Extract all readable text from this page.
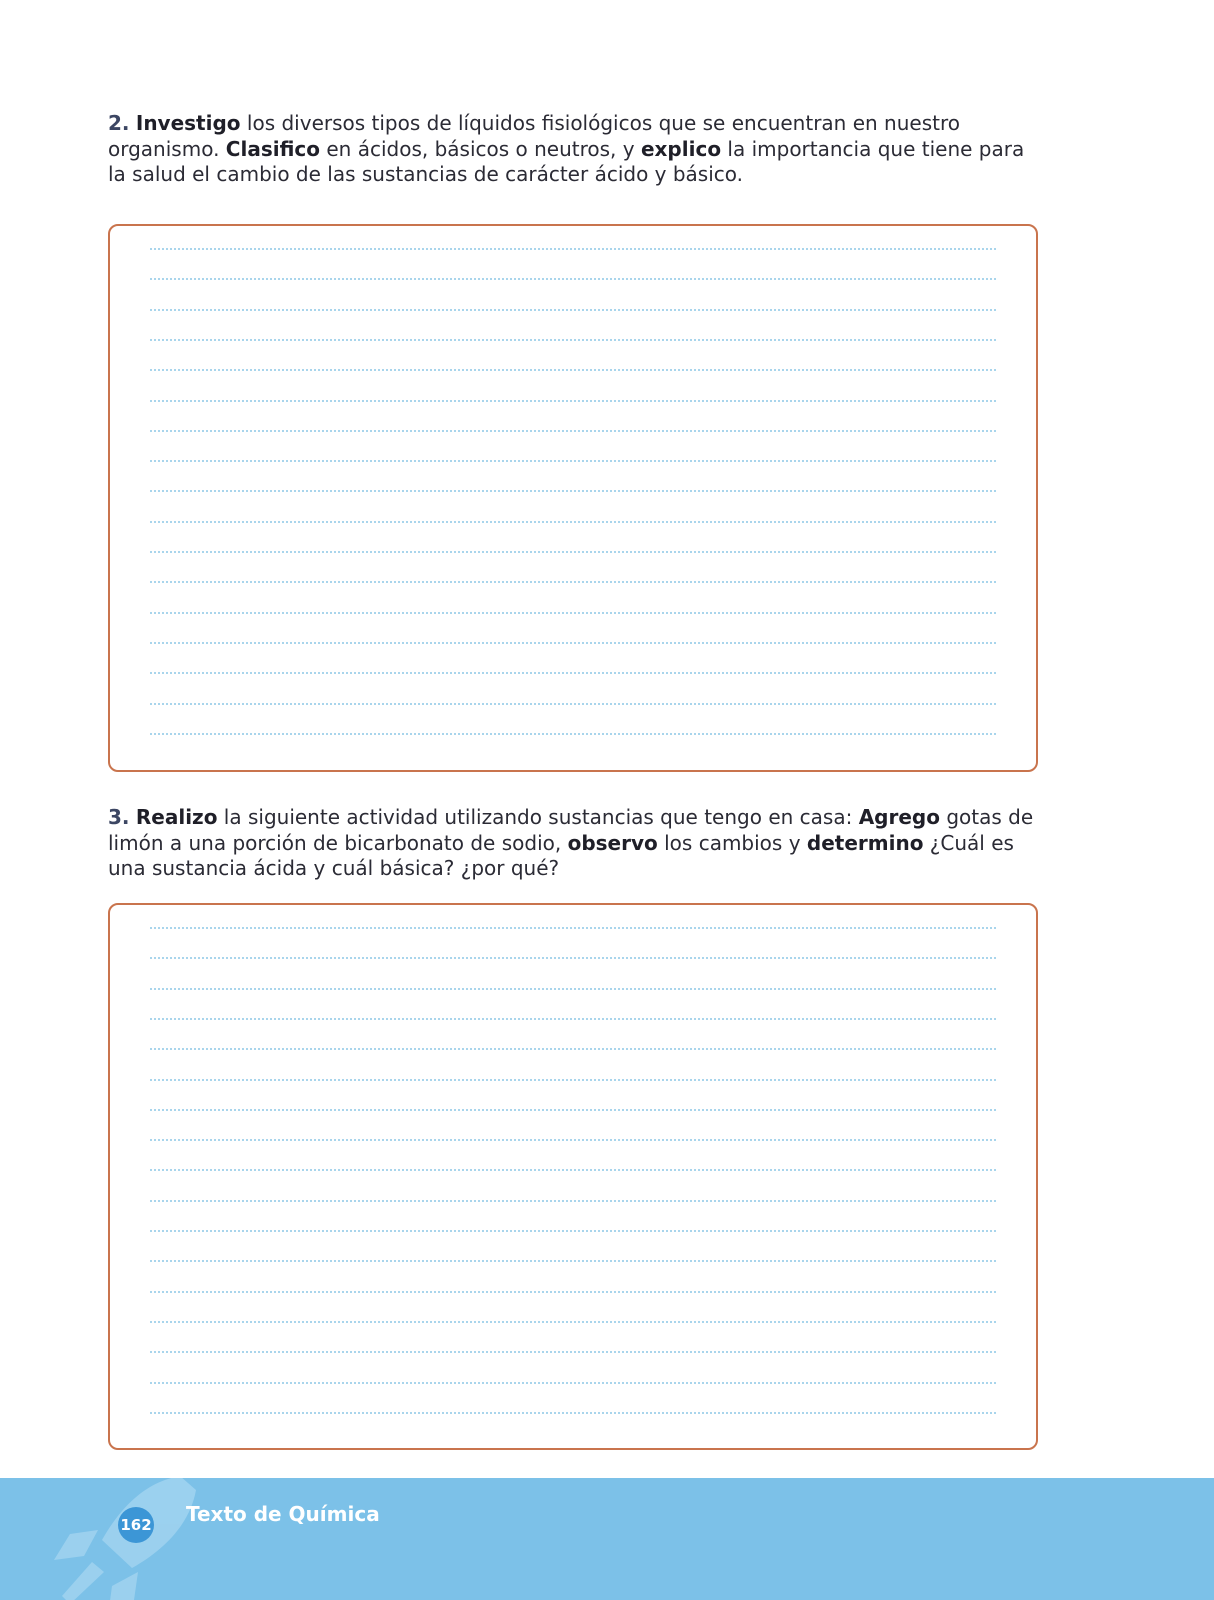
2. Investigo los diversos tipos de líquidos fisiológicos que se encuentran en nuestro organismo. Clasifico en ácidos, básicos o neutros, y explico la importancia que tiene para la salud el cambio de las sustancias de carácter ácido y básico.

3. Realizo la siguiente actividad utilizando sustancias que tengo en casa: Agrego gotas de limón a una porción de bicarbonato de sodio, observo los cambios y determino ¿Cuál es una sustancia ácida y cuál básica? ¿por qué?

162 Texto de Química
